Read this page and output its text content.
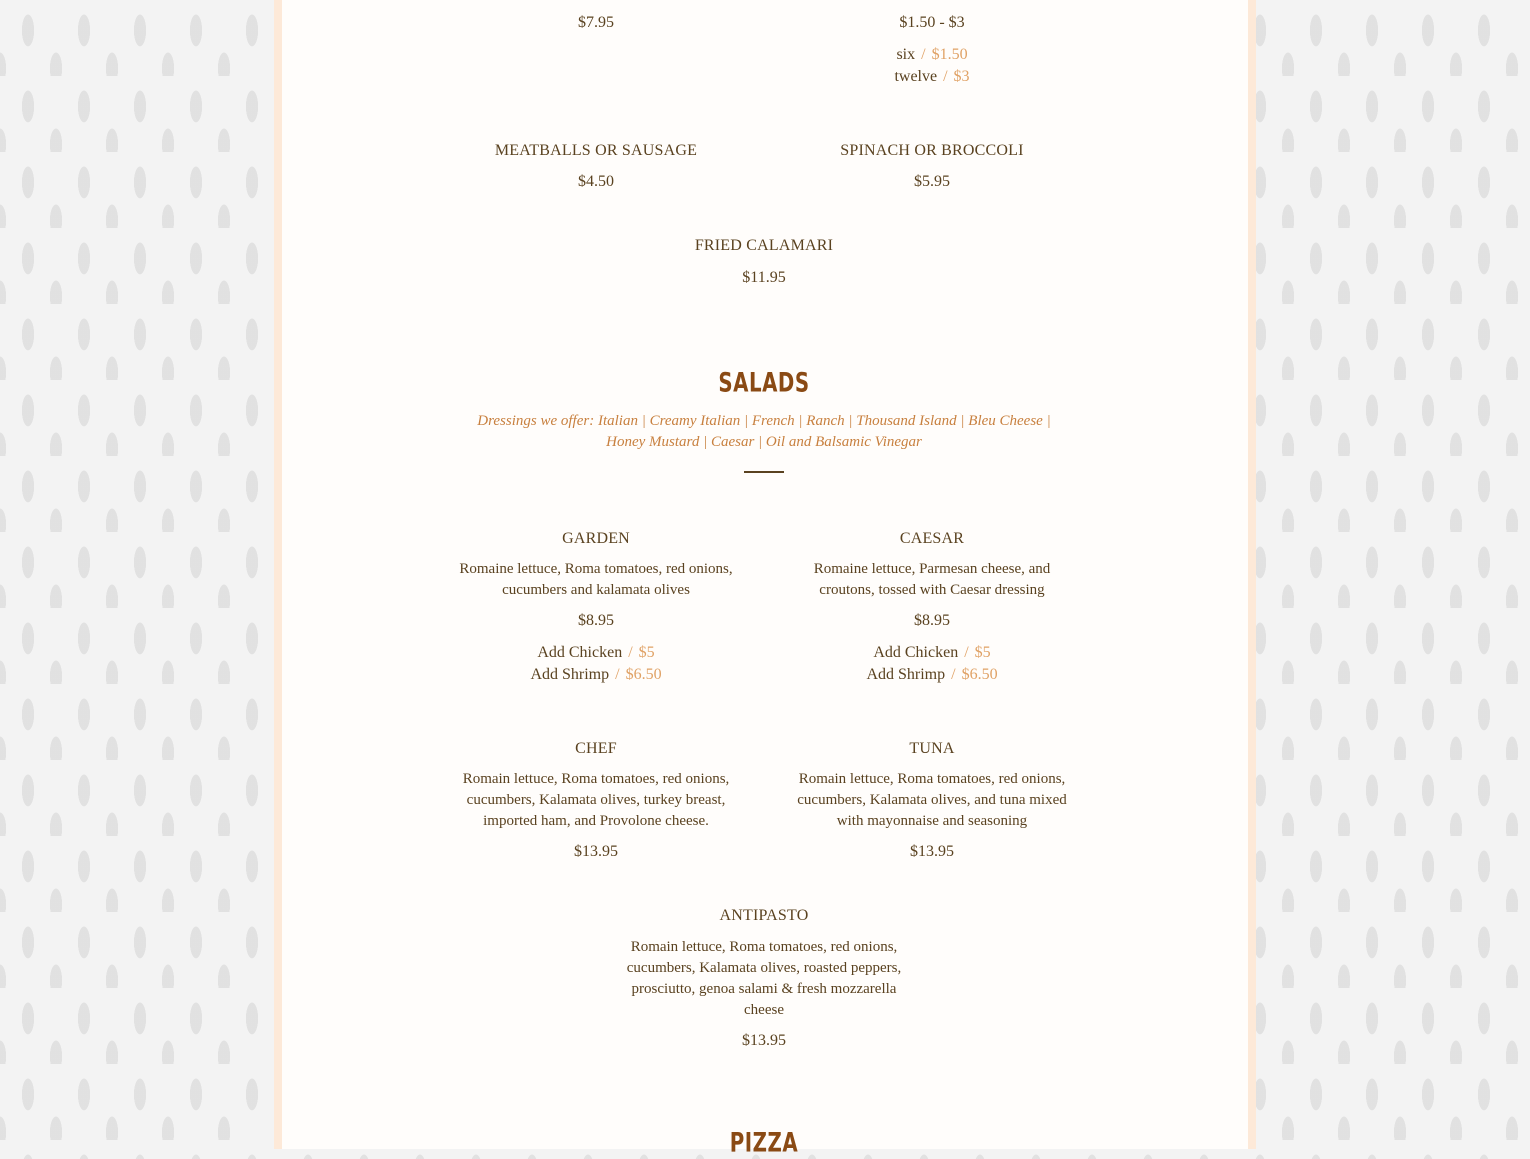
$7.95	$1.50 - $3
six / $1.50
twelve / $3
MEATBALLS OR SAUSAGE
$4.50
SPINACH OR BROCCOLI
$5.95
FRIED CALAMARI
$11.95
SALADS
Dressings we offer: Italian | Creamy Italian | French | Ranch | Thousand Island | Bleu Cheese |
Honey Mustard | Caesar | Oil and Balsamic Vinegar
GARDEN
Romaine lettuce, Roma tomatoes, red onions,
cucumbers and kalamata olives
$8.95
Add Chicken / $5
Add Shrimp / $6.50
CAESAR
Romaine lettuce, Parmesan cheese, and
croutons, tossed with Caesar dressing
$8.95
Add Chicken / $5
Add Shrimp / $6.50
CHEF
Romain lettuce, Roma tomatoes, red onions,
cucumbers, Kalamata olives, turkey breast,
imported ham, and Provolone cheese.
$13.95
TUNA
Romain lettuce, Roma tomatoes, red onions,
cucumbers, Kalamata olives, and tuna mixed
with mayonnaise and seasoning
$13.95
ANTIPASTO
Romain lettuce, Roma tomatoes, red onions,
cucumbers, Kalamata olives, roasted peppers,
prosciutto, genoa salami & fresh mozzarella
cheese
$13.95
PIZZA
